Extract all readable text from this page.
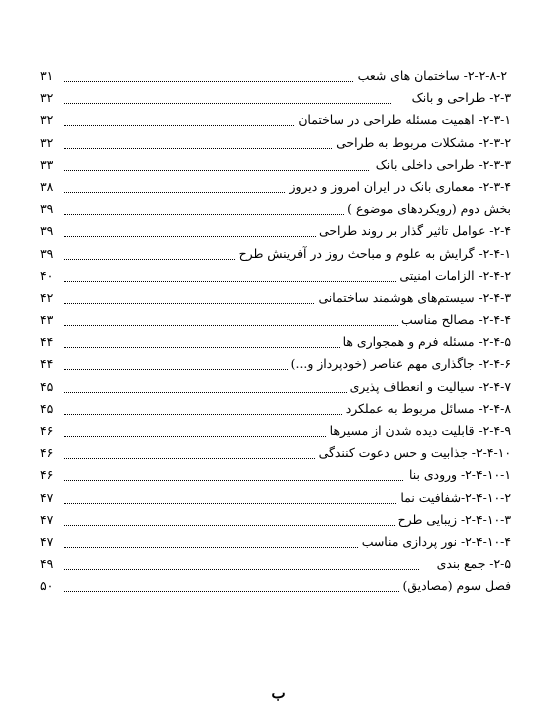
۳۱	۲-۲-۸-۲- ساختمان های شعب
۳۲	۲-۳- طراحی و بانک
۳۲	۲-۳-۱- اهمیت مسئله طراحی در ساختمان
۳۲	۲-۳-۲- مشکلات مربوط به طراحی
۳۳	۲-۳-۳- طراحی داخلی بانک
۳۸	۲-۳-۴- معماری بانک در ایران امروز و دیروز
۳۹	بخش دوم (رویکردهای موضوع )
۳۹	۲-۴- عوامل تاثیر گذار بر روند طراحی
۳۹	۲-۴-۱- گرایش به علوم و مباحث روز در آفرینش طرح
۴۰	۲-۴-۲- الزامات امنیتی
۴۲	۲-۴-۳- سیستم‌های هوشمند ساختمانی
۴۳	۲-۴-۴- مصالح مناسب
۴۴	۲-۴-۵- مسئله فرم و همجواری ها
۴۴	۲-۴-۶- جاگذاری مهم عناصر (خودپرداز و...)
۴۵	۲-۴-۷- سیالیت و انعطاف پذیری
۴۵	۲-۴-۸- مسائل مربوط به عملکرد
۴۶	۲-۴-۹- قابلیت دیده شدن از مسیرها
۴۶	۲-۴-۱۰- جذابیت و حس دعوت کنندگی
۴۶	۲-۴-۱۰-۱- ورودی بنا
۴۷	۲-۴-۱۰-۲-شفافیت نما
۴۷	۲-۴-۱۰-۳- زیبایی طرح
۴۷	۲-۴-۱۰-۴- نور پردازی مناسب
۴۹	۲-۵- جمع بندی
۵۰	فصل سوم (مصادیق)
ب
